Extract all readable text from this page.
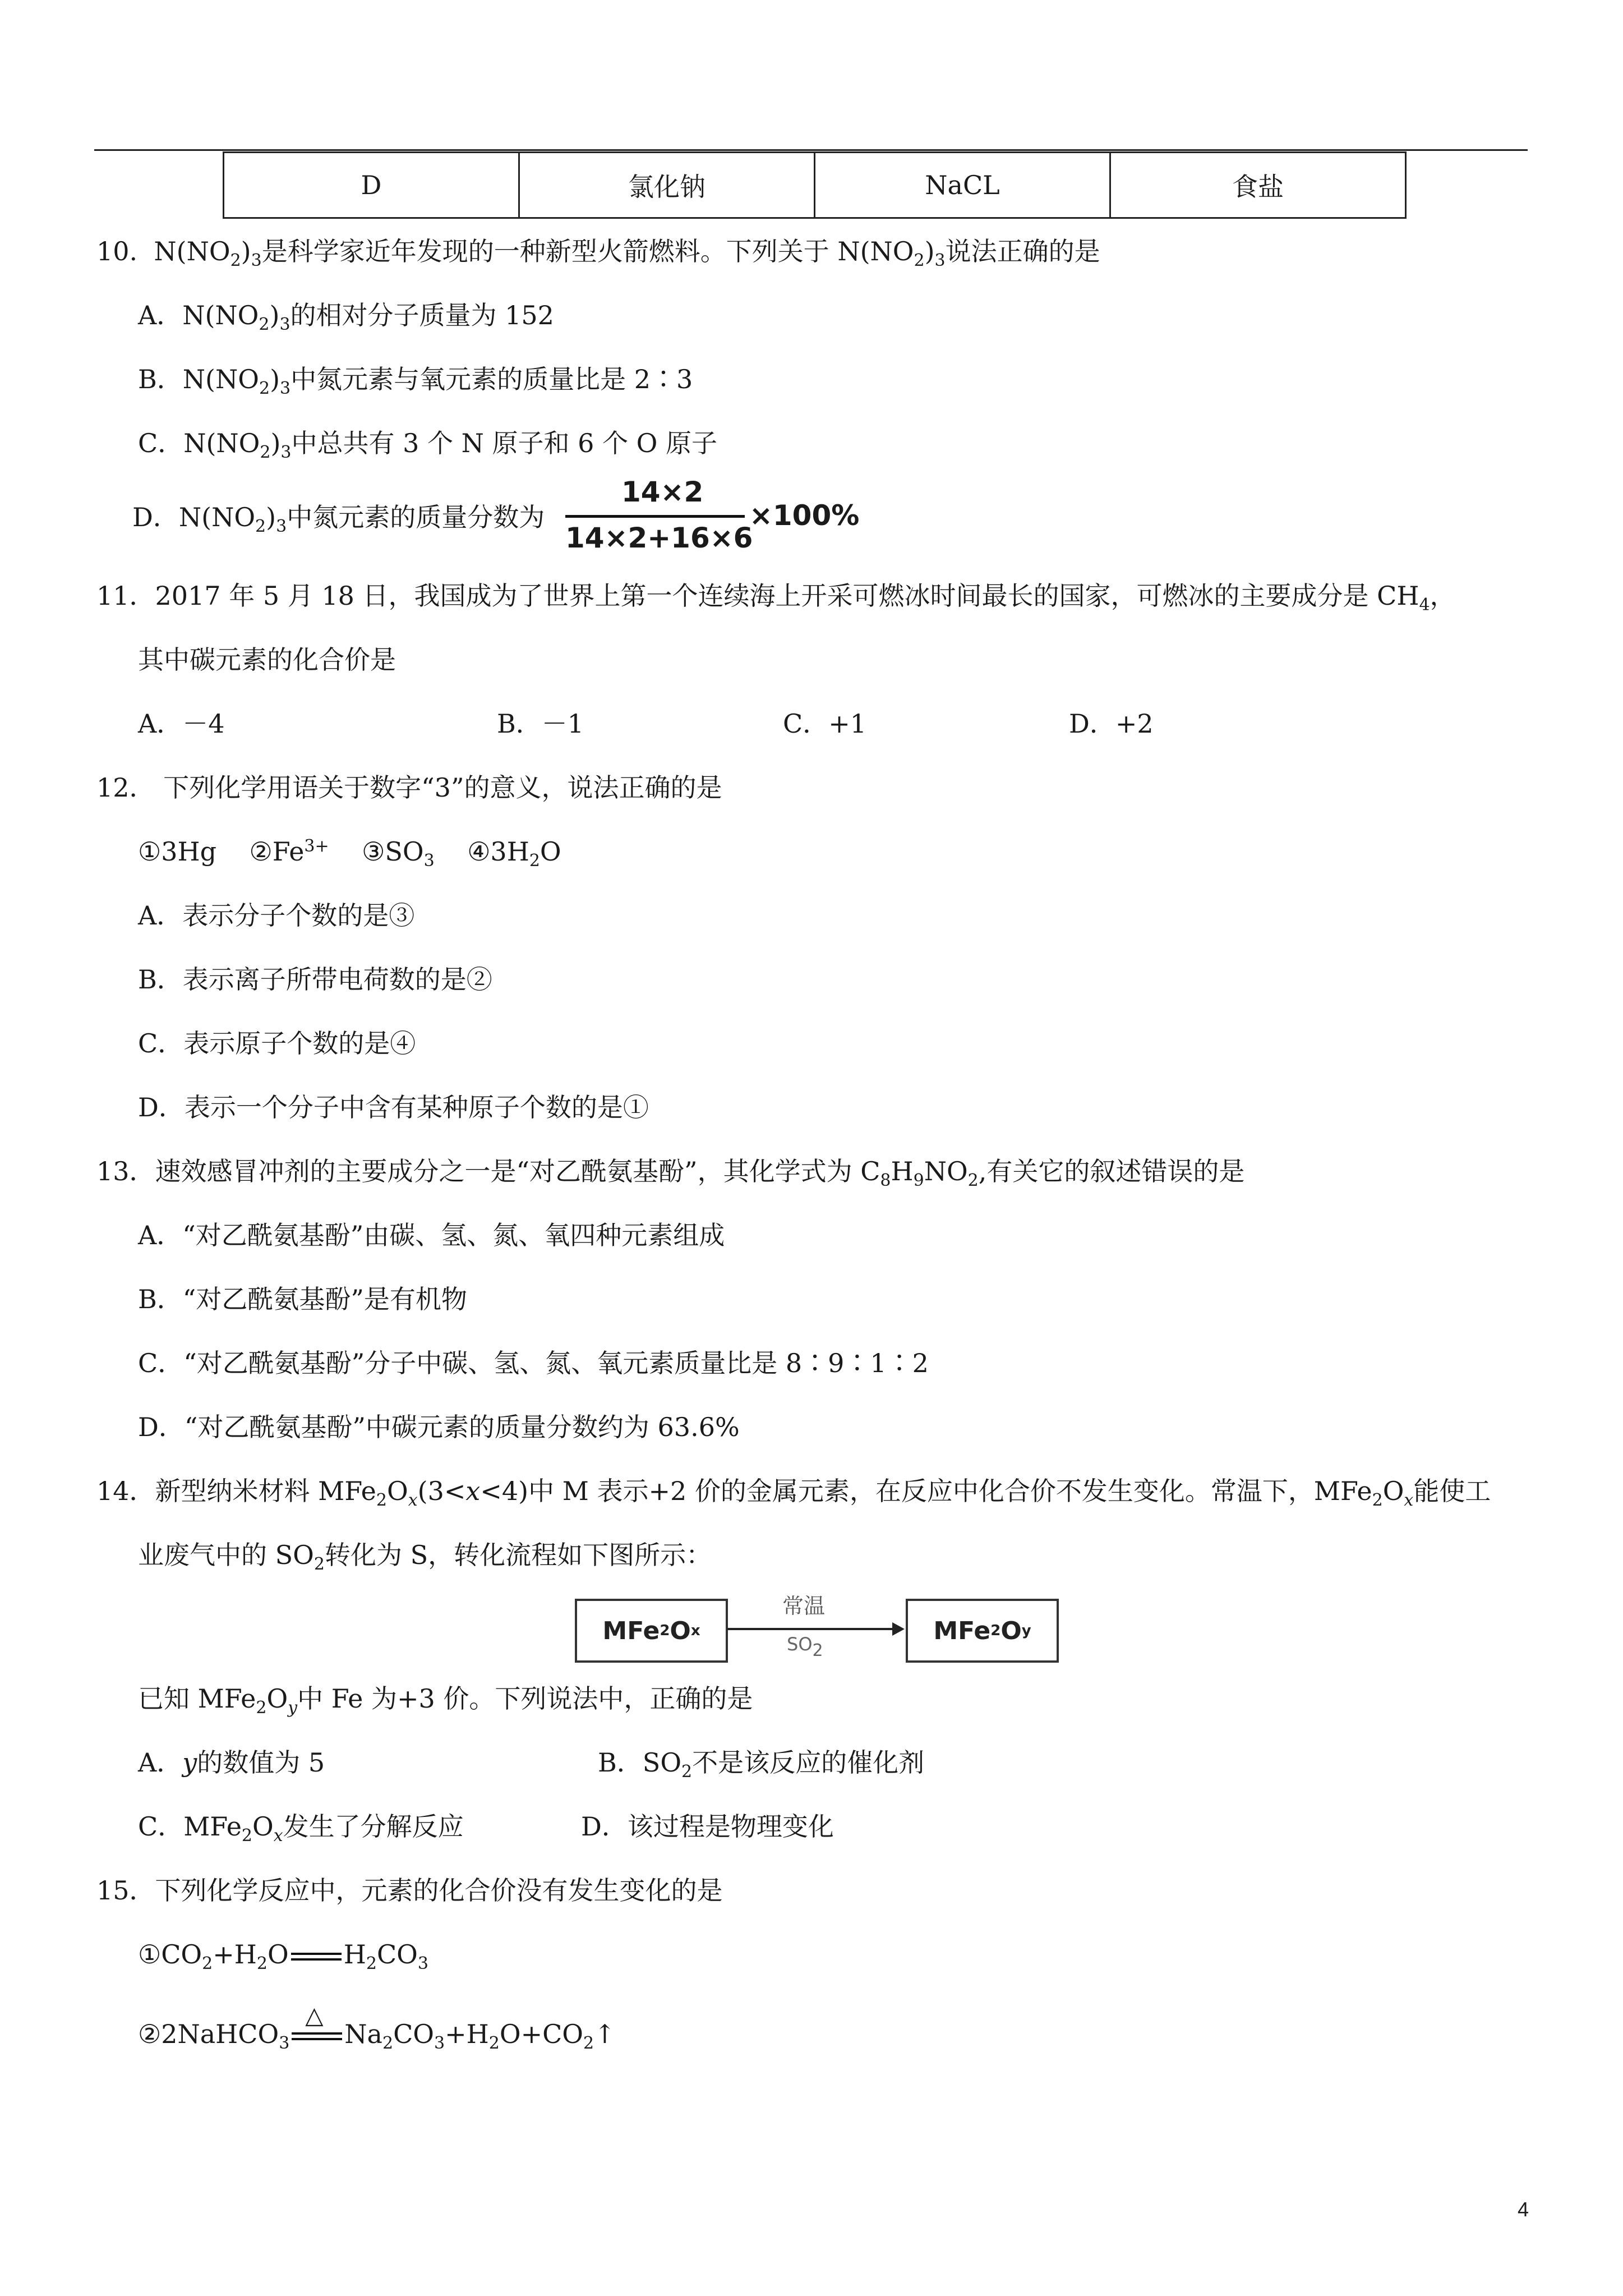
D	氯化钠	NaCL	食盐
10. $N(NO_2)_3$是科学家近年发现的一种新型火箭燃料。下列关于 $N(NO_2)_3$说法正确的是
A．$N(NO_2)_3$的相对分子质量为 152
B．$N(NO_2)_3$中氮元素与氧元素的质量比是 2∶3
C．$N(NO_2)_3$中总共有 3 个 N 原子和 6 个 O 原子
D．$N(NO_2)_3$中氮元素的质量分数为
14×2
14×2+16×6
×100%
11．2017 年 5 月 18 日，我国成为了世界上第一个连续海上开采可燃冰时间最长的国家，可燃冰的主要成分是 $CH_4$，
其中碳元素的化合价是
A．－4	B．－1	C．+1	D．+2
12． 下列化学用语关于数字“3”的意义，说法正确的是
①3Hg    $②Fe^{3+}$    $③SO_3$    $④3H_2O$
A．表示分子个数的是③
B．表示离子所带电荷数的是②
C．表示原子个数的是④
D．表示一个分子中含有某种原子个数的是①
13．速效感冒冲剂的主要成分之一是“对乙酰氨基酚”，其化学式为 $C_8H_9NO_2$,有关它的叙述错误的是
A．“对乙酰氨基酚”由碳、氢、氮、氧四种元素组成
B．“对乙酰氨基酚”是有机物
C．“对乙酰氨基酚”分子中碳、氢、氮、氧元素质量比是 8∶9∶1∶2
D．“对乙酰氨基酚”中碳元素的质量分数约为 63.6%
14．新型纳米材料 $MFe_2O_x(3<x<4)$中 M 表示+2 价的金属元素，在反应中化合价不发生变化。常温下，$MFe_2O_x$能使工
业废气中的 $SO_2$转化为 S，转化流程如下图所示：
MFe 2 O x
常温
$SO_2$
MFe 2 O y
已知 $MFe_2O_y$中 Fe 为+3 价。下列说法中，正确的是
A．y的数值为 5	B．$SO_2$不是该反应的催化剂
C．$MFe_2O_x$发生了分解反应	D．该过程是物理变化
15．下列化学反应中，元素的化合价没有发生变化的是
$①CO_2+H_2O$ $H_2CO_3$
②2NaHCO$_3$
△
$Na_2CO_3+H_2O+CO_2↑$
4
